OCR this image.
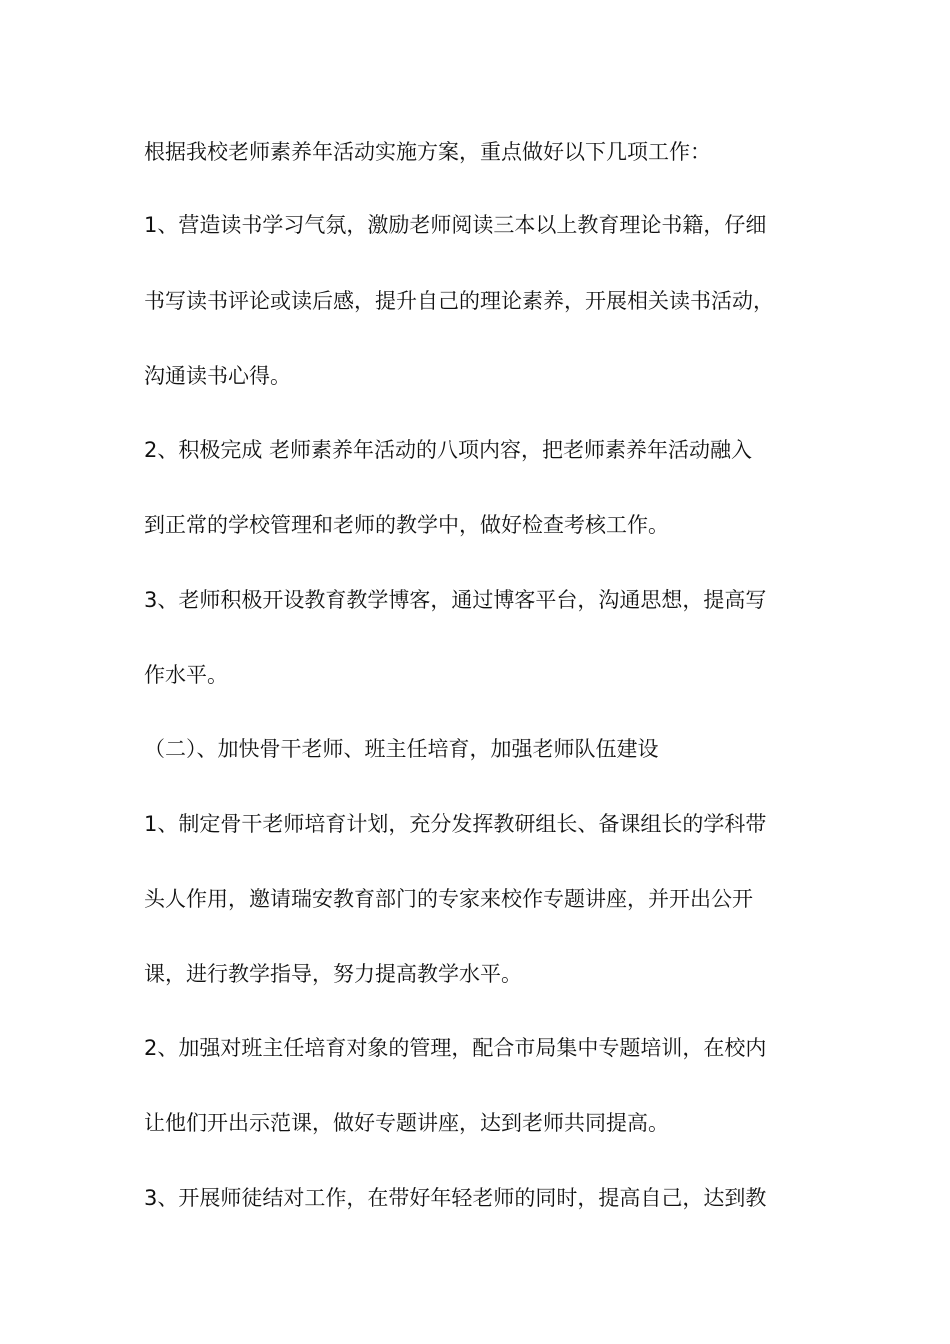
根据我校老师素养年活动实施方案，重点做好以下几项工作：

1、营造读书学习气氛，激励老师阅读三本以上教育理论书籍，仔细

书写读书评论或读后感，提升自己的理论素养，开展相关读书活动，

沟通读书心得。

2、积极完成 老师素养年活动的八项内容，把老师素养年活动融入

到正常的学校管理和老师的教学中，做好检查考核工作。

3、老师积极开设教育教学博客，通过博客平台，沟通思想，提高写

作水平。

（二）、加快骨干老师、班主任培育，加强老师队伍建设

1、制定骨干老师培育计划，充分发挥教研组长、备课组长的学科带

头人作用，邀请瑞安教育部门的专家来校作专题讲座，并开出公开

课，进行教学指导，努力提高教学水平。

2、加强对班主任培育对象的管理，配合市局集中专题培训，在校内

让他们开出示范课，做好专题讲座，达到老师共同提高。

3、开展师徒结对工作，在带好年轻老师的同时，提高自己，达到教
